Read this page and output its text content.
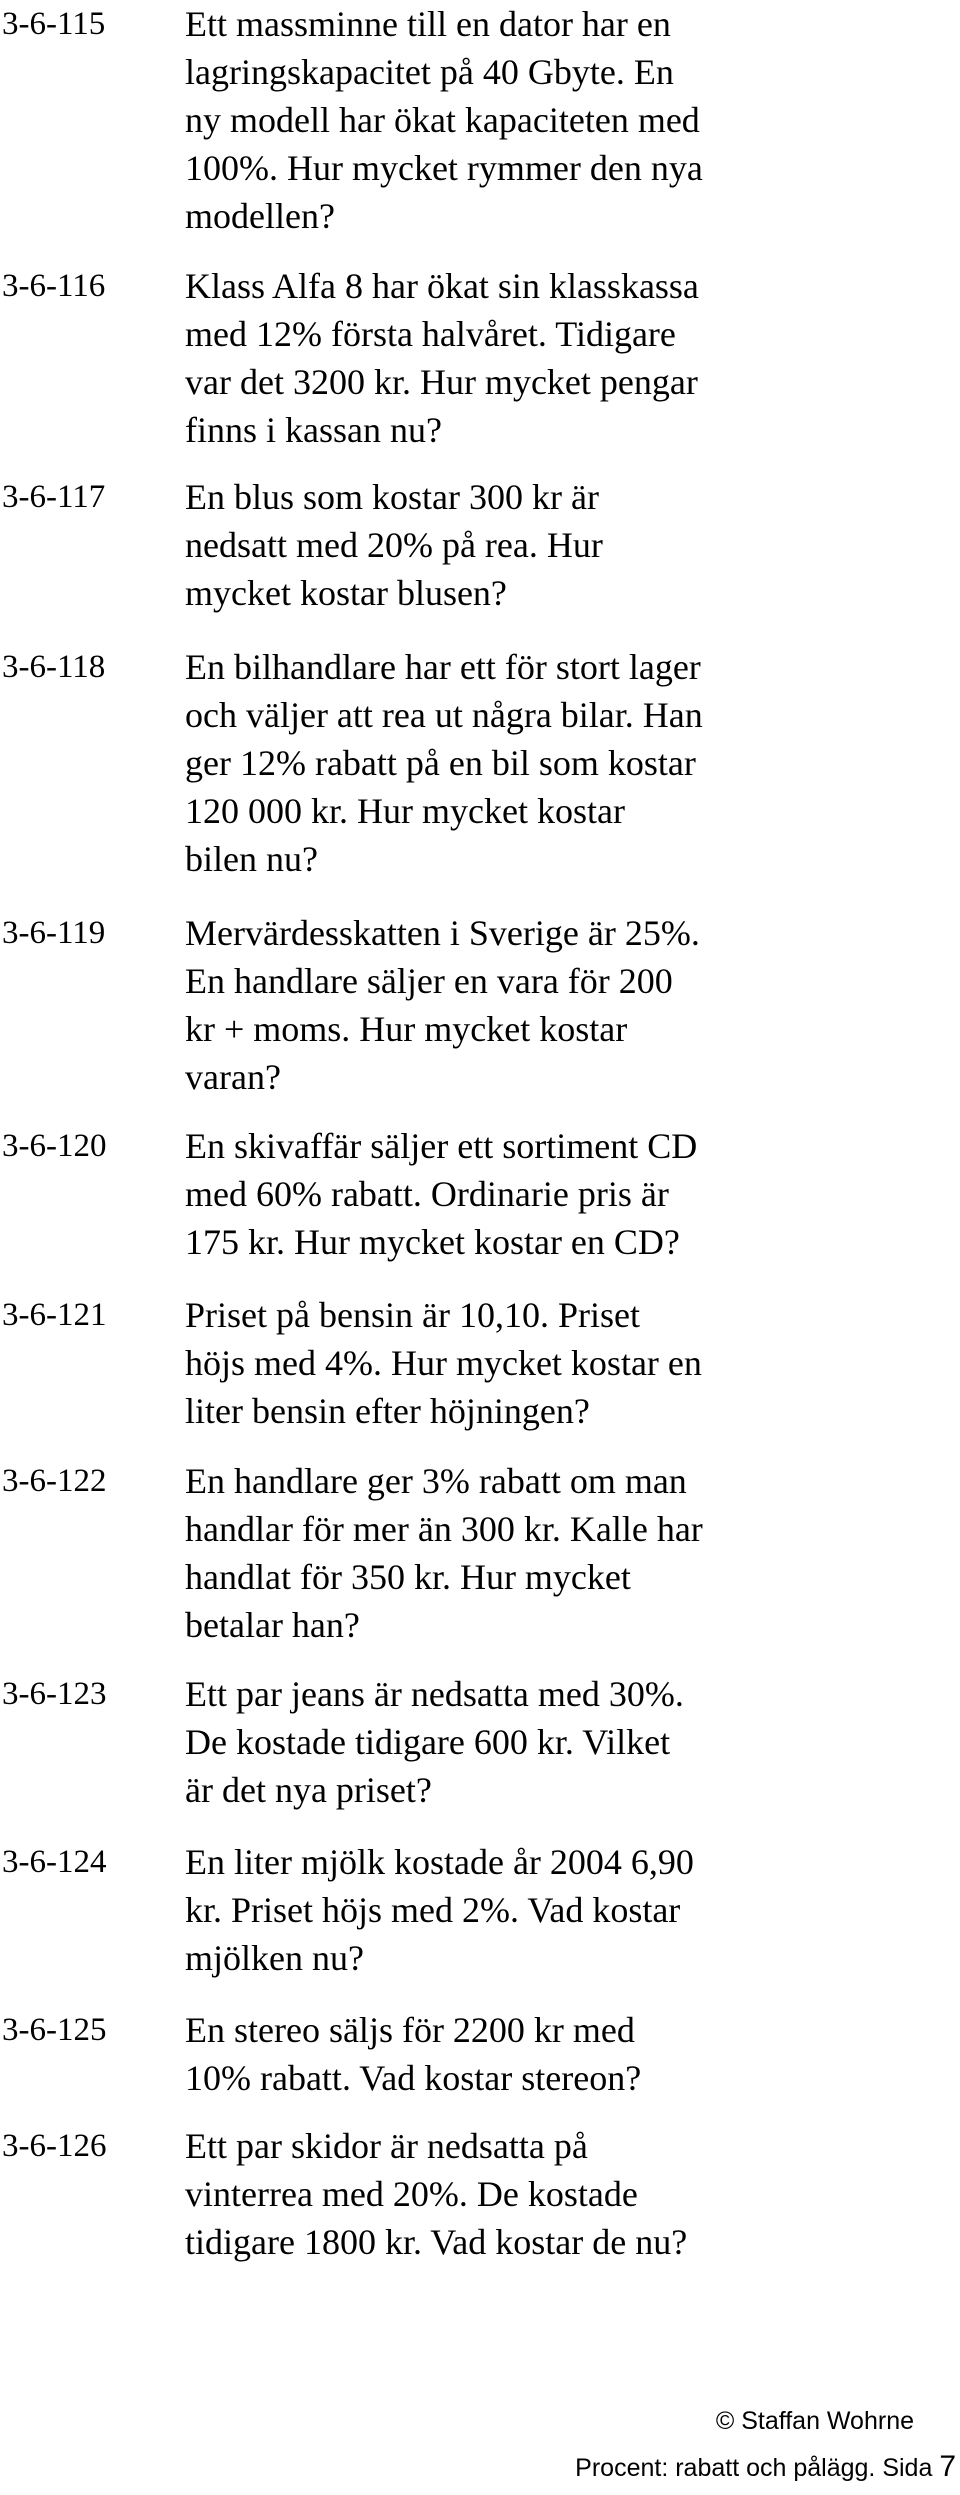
3-6-115 Ett massminne till en dator har en
lagringskapacitet på 40 Gbyte. En
ny modell har ökat kapaciteten med
100%. Hur mycket rymmer den nya
modellen?
3-6-116 Klass Alfa 8 har ökat sin klasskassa
med 12% första halvåret. Tidigare
var det 3200 kr. Hur mycket pengar
finns i kassan nu?
3-6-117 En blus som kostar 300 kr är
nedsatt med 20% på rea. Hur
mycket kostar blusen?
3-6-118 En bilhandlare har ett för stort lager
och väljer att rea ut några bilar. Han
ger 12% rabatt på en bil som kostar
120 000 kr. Hur mycket kostar
bilen nu?
3-6-119 Mervärdesskatten i Sverige är 25%.
En handlare säljer en vara för 200
kr + moms. Hur mycket kostar
varan?
3-6-120 En skivaffär säljer ett sortiment CD
med 60% rabatt. Ordinarie pris är
175 kr. Hur mycket kostar en CD?
3-6-121 Priset på bensin är 10,10. Priset
höjs med 4%. Hur mycket kostar en
liter bensin efter höjningen?
3-6-122 En handlare ger 3% rabatt om man
handlar för mer än 300 kr. Kalle har
handlat för 350 kr. Hur mycket
betalar han?
3-6-123 Ett par jeans är nedsatta med 30%.
De kostade tidigare 600 kr. Vilket
är det nya priset?
3-6-124 En liter mjölk kostade år 2004 6,90
kr. Priset höjs med 2%. Vad kostar
mjölken nu?
3-6-125 En stereo säljs för 2200 kr med
10% rabatt. Vad kostar stereon?
3-6-126 Ett par skidor är nedsatta på
vinterrea med 20%. De kostade
tidigare 1800 kr. Vad kostar de nu?
© Staffan Wohrne
Procent: rabatt och pålägg. Sida 7
